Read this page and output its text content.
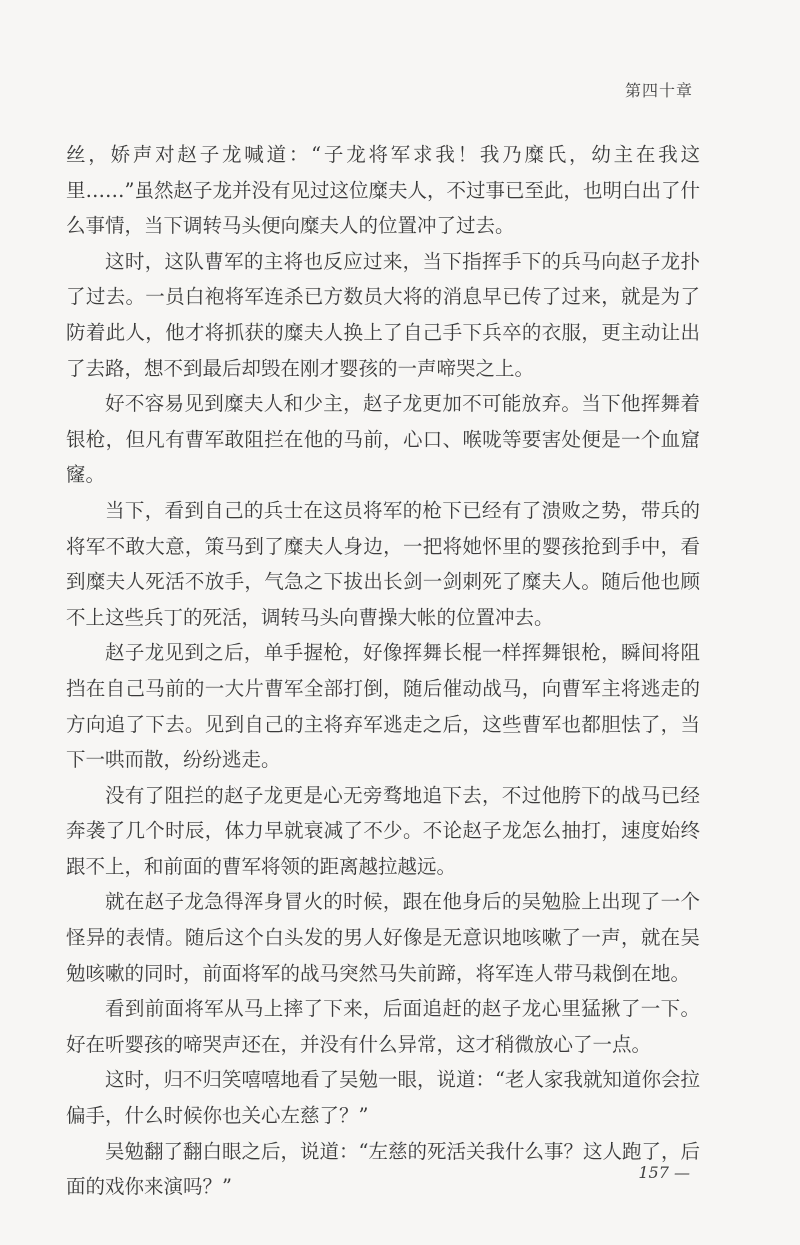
第四十章

丝，娇声对赵子龙喊道：“子龙将军求我！我乃糜氏，幼主在我这里……”虽然赵子龙并没有见过这位糜夫人，不过事已至此，也明白出了什么事情，当下调转马头便向糜夫人的位置冲了过去。

这时，这队曹军的主将也反应过来，当下指挥手下的兵马向赵子龙扑了过去。一员白袍将军连杀已方数员大将的消息早已传了过来，就是为了防着此人，他才将抓获的糜夫人换上了自己手下兵卒的衣服，更主动让出了去路，想不到最后却毁在刚才婴孩的一声啼哭之上。

好不容易见到糜夫人和少主，赵子龙更加不可能放弃。当下他挥舞着银枪，但凡有曹军敢阻拦在他的马前，心口、喉咙等要害处便是一个血窟窿。

当下，看到自己的兵士在这员将军的枪下已经有了溃败之势，带兵的将军不敢大意，策马到了糜夫人身边，一把将她怀里的婴孩抢到手中，看到糜夫人死活不放手，气急之下拔出长剑一剑刺死了糜夫人。随后他也顾不上这些兵丁的死活，调转马头向曹操大帐的位置冲去。

赵子龙见到之后，单手握枪，好像挥舞长棍一样挥舞银枪，瞬间将阻挡在自己马前的一大片曹军全部打倒，随后催动战马，向曹军主将逃走的方向追了下去。见到自己的主将弃军逃走之后，这些曹军也都胆怯了，当下一哄而散，纷纷逃走。

没有了阻拦的赵子龙更是心无旁骛地追下去，不过他胯下的战马已经奔袭了几个时辰，体力早就衰减了不少。不论赵子龙怎么抽打，速度始终跟不上，和前面的曹军将领的距离越拉越远。

就在赵子龙急得浑身冒火的时候，跟在他身后的吴勉脸上出现了一个怪异的表情。随后这个白头发的男人好像是无意识地咳嗽了一声，就在吴勉咳嗽的同时，前面将军的战马突然马失前蹄，将军连人带马栽倒在地。

看到前面将军从马上摔了下来，后面追赶的赵子龙心里猛揪了一下。好在听婴孩的啼哭声还在，并没有什么异常，这才稍微放心了一点。

这时，归不归笑嘻嘻地看了吴勉一眼，说道：“老人家我就知道你会拉偏手，什么时候你也关心左慈了？”

吴勉翻了翻白眼之后，说道：“左慈的死活关我什么事？这人跑了，后面的戏你来演吗？”

157 —
